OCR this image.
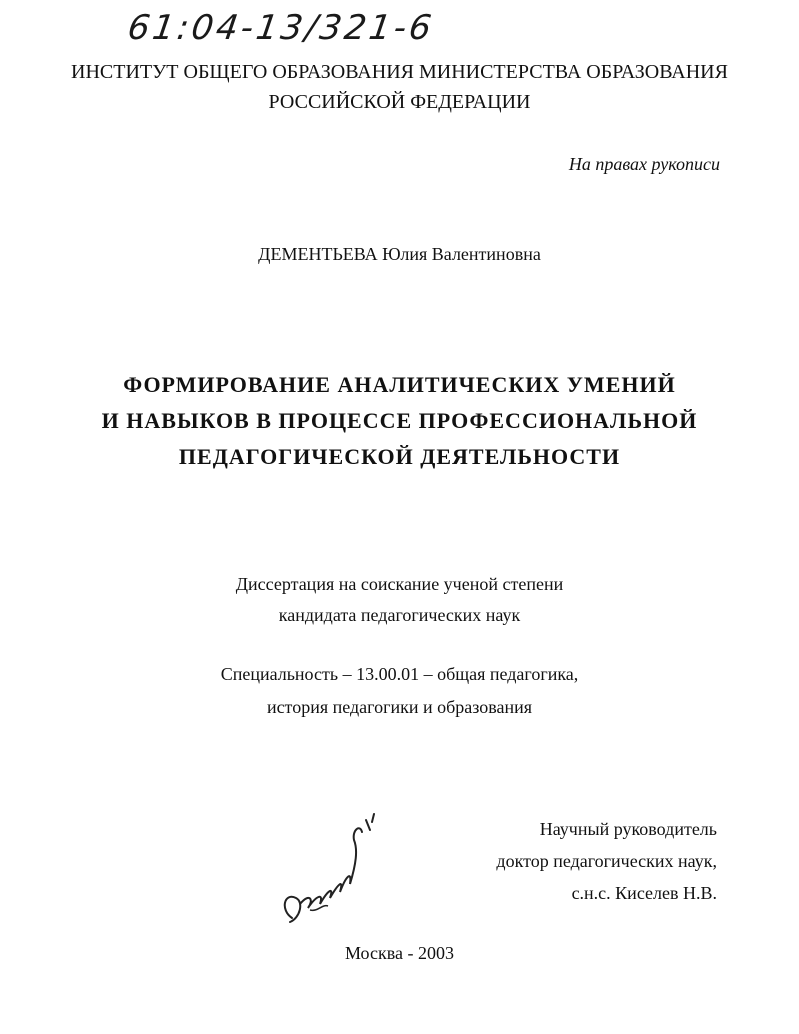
61:04-13/321-6
ИНСТИТУТ ОБЩЕГО ОБРАЗОВАНИЯ МИНИСТЕРСТВА ОБРАЗОВАНИЯ
РОССИЙСКОЙ ФЕДЕРАЦИИ
На правах рукописи
ДЕМЕНТЬЕВА Юлия Валентиновна
ФОРМИРОВАНИЕ АНАЛИТИЧЕСКИХ УМЕНИЙ
И НАВЫКОВ В ПРОЦЕССЕ ПРОФЕССИОНАЛЬНОЙ
ПЕДАГОГИЧЕСКОЙ ДЕЯТЕЛЬНОСТИ
Диссертация на соискание ученой степени
кандидата педагогических наук
Специальность – 13.00.01 – общая педагогика,
история педагогики и образования
Научный руководитель
доктор педагогических наук,
с.н.с. Киселев Н.В.
Москва - 2003
